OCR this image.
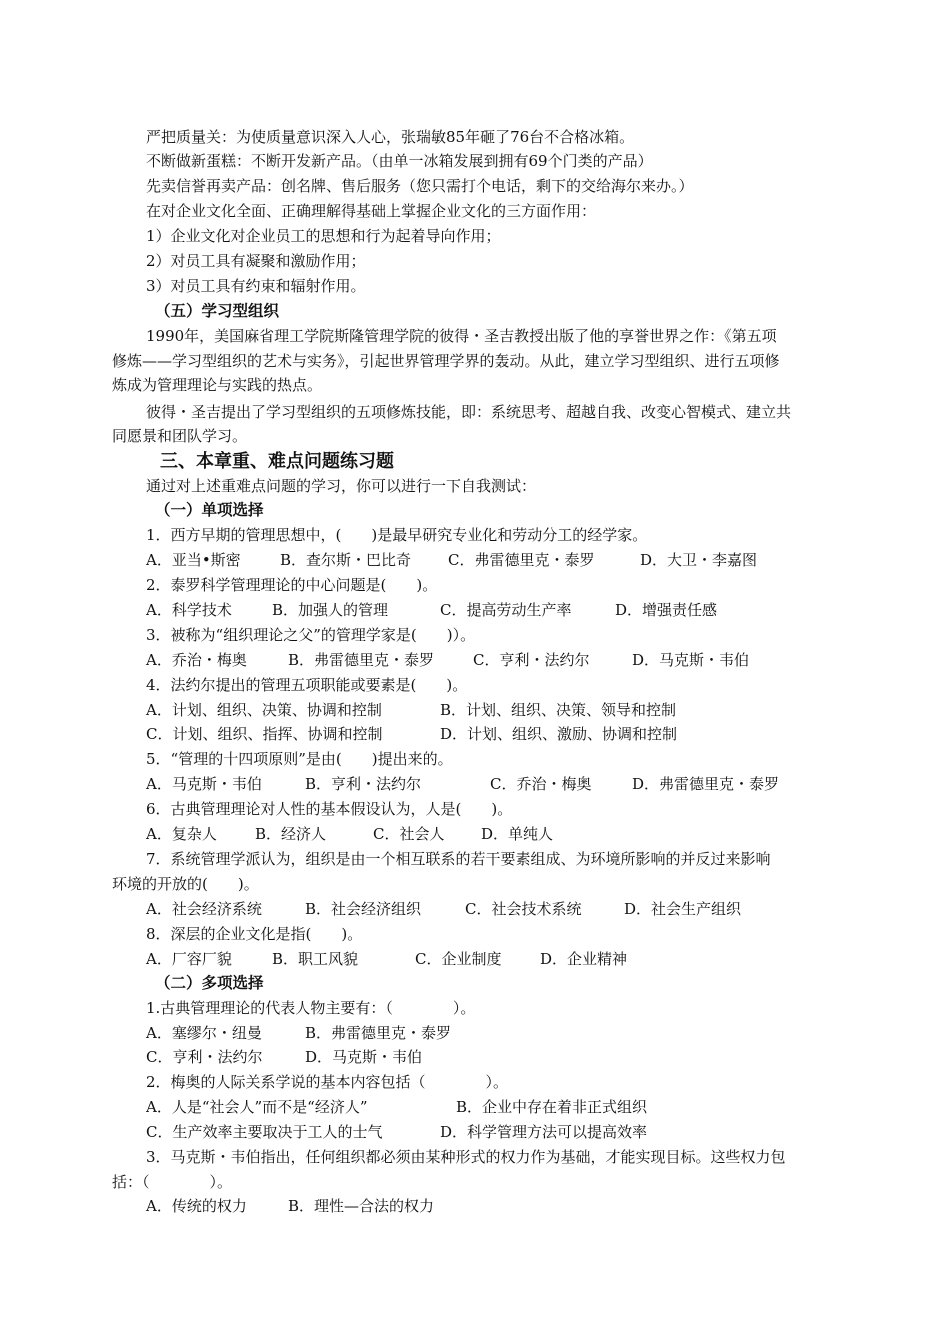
严把质量关：为使质量意识深入人心，张瑞敏85年砸了76台不合格冰箱。
不断做新蛋糕：不断开发新产品。（由单一冰箱发展到拥有69个门类的产品）
先卖信誉再卖产品：创名牌、售后服务（您只需打个电话，剩下的交给海尔来办。）
在对企业文化全面、正确理解得基础上掌握企业文化的三方面作用：
1）企业文化对企业员工的思想和行为起着导向作用；
2）对员工具有凝聚和激励作用；
3）对员工具有约束和辐射作用。
（五）学习型组织
1990年，美国麻省理工学院斯隆管理学院的彼得・圣吉教授出版了他的享誉世界之作：《第五项
修炼——学习型组织的艺术与实务》，引起世界管理学界的轰动。从此，建立学习型组织、进行五项修
炼成为管理理论与实践的热点。
彼得・圣吉提出了学习型组织的五项修炼技能，即：系统思考、超越自我、改变心智模式、建立共
同愿景和团队学习。
三、本章重、难点问题练习题
通过对上述重难点问题的学习，你可以进行一下自我测试：
（一）单项选择
1．西方早期的管理思想中，(　　)是最早研究专业化和劳动分工的经学家。
A．亚当•斯密	B．查尔斯・巴比奇 C．弗雷德里克・泰罗	D．大卫・李嘉图
2．泰罗科学管理理论的中心问题是(　　)。
A．科学技术	B．加强人的管理	C．提高劳动生产率	D．增强责任感
3．被称为“组织理论之父”的管理学家是(　　)）。
A．乔治・梅奥	B．弗雷德里克・泰罗	C．亨利・法约尔	D．马克斯・韦伯
4．法约尔提出的管理五项职能或要素是(　　)。
A．计划、组织、决策、协调和控制	B．计划、组织、决策、领导和控制
C．计划、组织、指挥、协调和控制	D．计划、组织、激励、协调和控制
5．“管理的十四项原则”是由(　　)提出来的。
A．马克斯・韦伯	B．亨利・法约尔	C．乔治・梅奥	D．弗雷德里克・泰罗
6．古典管理理论对人性的基本假设认为，人是(　　)。
A．复杂人	B．经济人	C．社会人 D．单纯人
7．系统管理学派认为，组织是由一个相互联系的若干要素组成、为环境所影响的并反过来影响
环境的开放的(　　)。
A．社会经济系统	B．社会经济组织	C．社会技术系统	D．社会生产组织
8．深层的企业文化是指(　　)。
A．厂容厂貌	B．职工风貌	C．企业制度	D．企业精神
（二）多项选择
1.古典管理理论的代表人物主要有：（　　　　）。
A．塞缪尔・纽曼	B．弗雷德里克・泰罗
C．亨利・法约尔	D．马克斯・韦伯
2．梅奥的人际关系学说的基本内容包括（　　　　）。
A．人是“社会人”而不是“经济人”	B．企业中存在着非正式组织
C．生产效率主要取决于工人的士气	D．科学管理方法可以提高效率
3．马克斯・韦伯指出，任何组织都必须由某种形式的权力作为基础，才能实现目标。这些权力包
括：（　　　　）。
A．传统的权力	B．理性—合法的权力
